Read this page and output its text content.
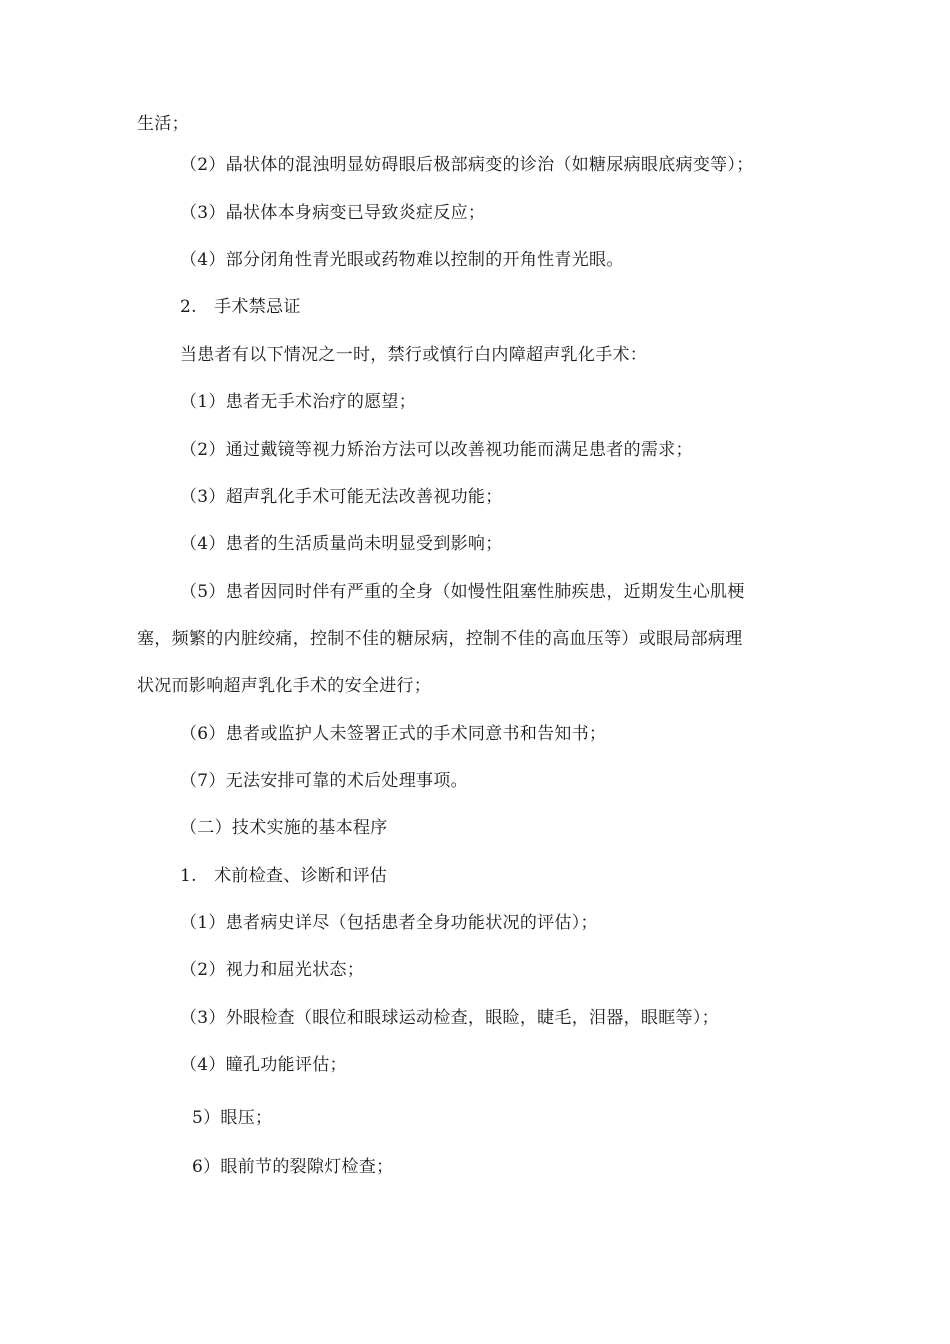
生活；
（2）晶状体的混浊明显妨碍眼后极部病变的诊治（如糖尿病眼底病变等）；
（3）晶状体本身病变已导致炎症反应；
（4）部分闭角性青光眼或药物难以控制的开角性青光眼。
2.　手术禁忌证
当患者有以下情况之一时，禁行或慎行白内障超声乳化手术：
（1）患者无手术治疗的愿望；
（2）通过戴镜等视力矫治方法可以改善视功能而满足患者的需求；
（3）超声乳化手术可能无法改善视功能；
（4）患者的生活质量尚未明显受到影响；
（5）患者因同时伴有严重的全身（如慢性阻塞性肺疾患，近期发生心肌梗
塞，频繁的内脏绞痛，控制不佳的糖尿病，控制不佳的高血压等）或眼局部病理
状况而影响超声乳化手术的安全进行；
（6）患者或监护人未签署正式的手术同意书和告知书；
（7）无法安排可靠的术后处理事项。
（二）技术实施的基本程序
1.　术前检查、诊断和评估
（1）患者病史详尽（包括患者全身功能状况的评估）；
（2）视力和屈光状态；
（3）外眼检查（眼位和眼球运动检查，眼睑，睫毛，泪器，眼眶等）；
（4）瞳孔功能评估；
5）眼压；
6）眼前节的裂隙灯检查；
